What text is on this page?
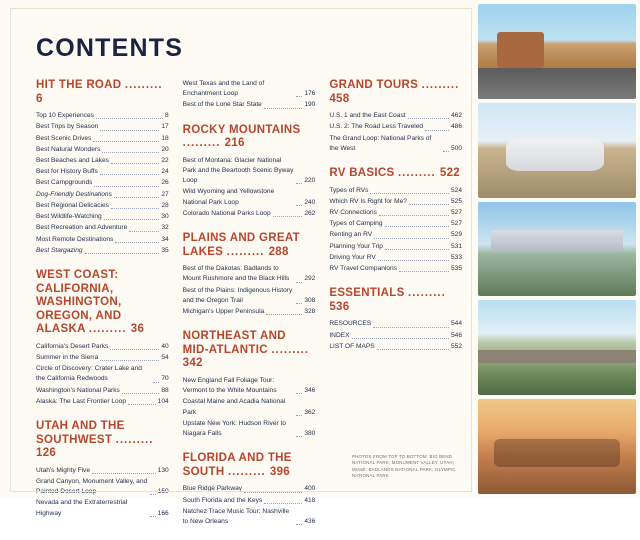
CONTENTS
HIT THE ROAD ......... 6
Top 10 Experiences	8
Best Trips by Season	17
Best Scenic Drives	18
Best Natural Wonders	20
Best Beaches and Lakes	22
Best for History Buffs	24
Best Campgrounds	26
Dog-Friendly Destinations	27
Best Regional Delicacies	28
Best Wildlife-Watching	30
Best Recreation and Adventure	32
Most Remote Destinations	34
Best Stargazing	35
WEST COAST: CALIFORNIA, WASHINGTON, OREGON, AND ALASKA ......... 36
California's Desert Parks	40
Summer in the Sierra	54
Circle of Discovery: Crater Lake and the California Redwoods	70
Washington's National Parks	88
Alaska: The Last Frontier Loop	104
UTAH AND THE SOUTHWEST ......... 126
Utah's Mighty Five	130
Grand Canyon, Monument Valley, and Painted Desert Loop	150
Nevada and the Extraterrestrial Highway	166
West Texas and the Land of Enchantment Loop	176
Best of the Lone Star State	190
ROCKY MOUNTAINS ......... 216
Best of Montana: Glacier National Park and the Beartooth Scenic Byway Loop	220
Wild Wyoming and Yellowstone National Park Loop	240
Colorado National Parks Loop	262
PLAINS AND GREAT LAKES ......... 288
Best of the Dakotas: Badlands to Mount Rushmore and the Black Hills	292
Best of the Plains: Indigenous History and the Oregon Trail	308
Michigan's Upper Peninsula	328
NORTHEAST AND MID-ATLANTIC ......... 342
New England Fall Foliage Tour: Vermont to the White Mountains	346
Coastal Maine and Acadia National Park	362
Upstate New York: Hudson River to Niagara Falls	380
FLORIDA AND THE SOUTH ......... 396
Blue Ridge Parkway	400
South Florida and the Keys	418
Natchez Trace Music Tour: Nashville to New Orleans	436
GRAND TOURS ......... 458
U.S. 1 and the East Coast	462
U.S. 2: The Road Less Traveled	486
The Grand Loop: National Parks of the West	500
RV BASICS ......... 522
Types of RVs	524
Which RV Is Right for Me?	525
RV Connections	527
Types of Camping	527
Renting an RV	529
Planning Your Trip	531
Driving Your RV	533
RV Travel Companions	535
ESSENTIALS ......... 536
RESOURCES	544
INDEX	546
LIST OF MAPS	552
PHOTOS FROM TOP TO BOTTOM: BIG BEND NATIONAL PARK; MONUMENT VALLEY, UTAH; MIAMI; BADLANDS NATIONAL PARK; OLYMPIC NATIONAL PARK
